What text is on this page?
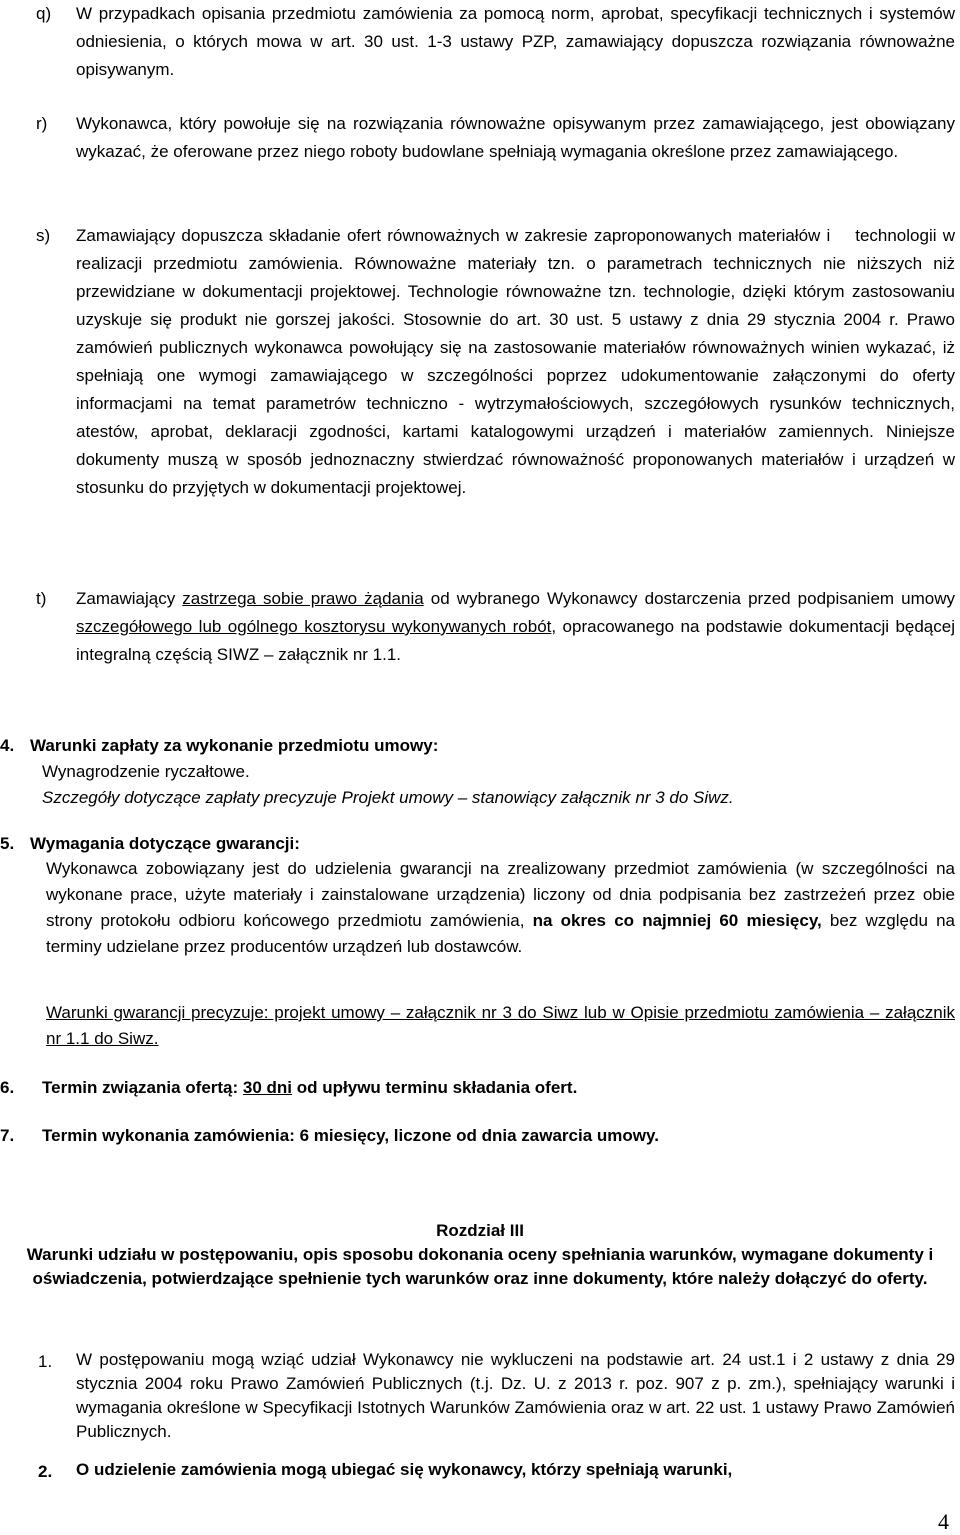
q) W przypadkach opisania przedmiotu zamówienia za pomocą norm, aprobat, specyfikacji technicznych i systemów odniesienia, o których mowa w art. 30 ust. 1-3 ustawy PZP, zamawiający dopuszcza rozwiązania równoważne opisywanym.

r) Wykonawca, który powołuje się na rozwiązania równoważne opisywanym przez zamawiającego, jest obowiązany wykazać, że oferowane przez niego roboty budowlane spełniają wymagania określone przez zamawiającego.

s) Zamawiający dopuszcza składanie ofert równoważnych w zakresie zaproponowanych materiałów i    technologii w realizacji przedmiotu zamówienia. Równoważne materiały tzn. o parametrach technicznych nie niższych niż przewidziane w dokumentacji projektowej. Technologie równoważne tzn. technologie, dzięki którym zastosowaniu uzyskuje się produkt nie gorszej jakości. Stosownie do art. 30 ust. 5 ustawy z dnia 29 stycznia 2004 r. Prawo zamówień publicznych wykonawca powołujący się na zastosowanie materiałów równoważnych winien wykazać, iż spełniają one wymogi zamawiającego w szczególności poprzez udokumentowanie załączonymi do oferty informacjami na temat parametrów techniczno - wytrzymałościowych, szczegółowych rysunków technicznych, atestów, aprobat, deklaracji zgodności, kartami katalogowymi urządzeń i materiałów zamiennych. Niniejsze dokumenty muszą w sposób jednoznaczny stwierdzać równoważność proponowanych materiałów i urządzeń w stosunku do przyjętych w dokumentacji projektowej.

t) Zamawiający zastrzega sobie prawo żądania od wybranego Wykonawcy dostarczenia przed podpisaniem umowy szczegółowego lub ogólnego kosztorysu wykonywanych robót, opracowanego na podstawie dokumentacji będącej integralną częścią SIWZ – załącznik nr 1.1.

4. Warunki zapłaty za wykonanie przedmiotu umowy:

Wynagrodzenie ryczałtowe.

Szczegóły dotyczące zapłaty precyzuje Projekt umowy – stanowiący załącznik nr 3 do Siwz.

5. Wymagania dotyczące gwarancji:

Wykonawca zobowiązany jest do udzielenia gwarancji na zrealizowany przedmiot zamówienia (w szczególności na wykonane prace, użyte materiały i zainstalowane urządzenia) liczony od dnia podpisania bez zastrzeżeń przez obie strony protokołu odbioru końcowego przedmiotu zamówienia, na okres co najmniej 60 miesięcy, bez względu na terminy udzielane przez producentów urządzeń lub dostawców.

Warunki gwarancji precyzuje: projekt umowy – załącznik nr 3 do Siwz lub w Opisie przedmiotu zamówienia – załącznik nr 1.1 do Siwz.

6. Termin związania ofertą: 30 dni od upływu terminu składania ofert.

7. Termin wykonania zamówienia: 6 miesięcy, liczone od dnia zawarcia umowy.

Rozdział III

Warunki udziału w postępowaniu, opis sposobu dokonania oceny spełniania warunków, wymagane dokumenty i oświadczenia, potwierdzające spełnienie tych warunków oraz inne dokumenty, które należy dołączyć do oferty.

1. W postępowaniu mogą wziąć udział Wykonawcy nie wykluczeni na podstawie art. 24 ust.1 i 2 ustawy z dnia 29 stycznia 2004 roku Prawo Zamówień Publicznych (t.j. Dz. U. z 2013 r. poz. 907 z p. zm.), spełniający warunki i wymagania określone w Specyfikacji Istotnych Warunków Zamówienia oraz w art. 22 ust. 1 ustawy Prawo Zamówień Publicznych.

2. O udzielenie zamówienia mogą ubiegać się wykonawcy, którzy spełniają warunki,

4
